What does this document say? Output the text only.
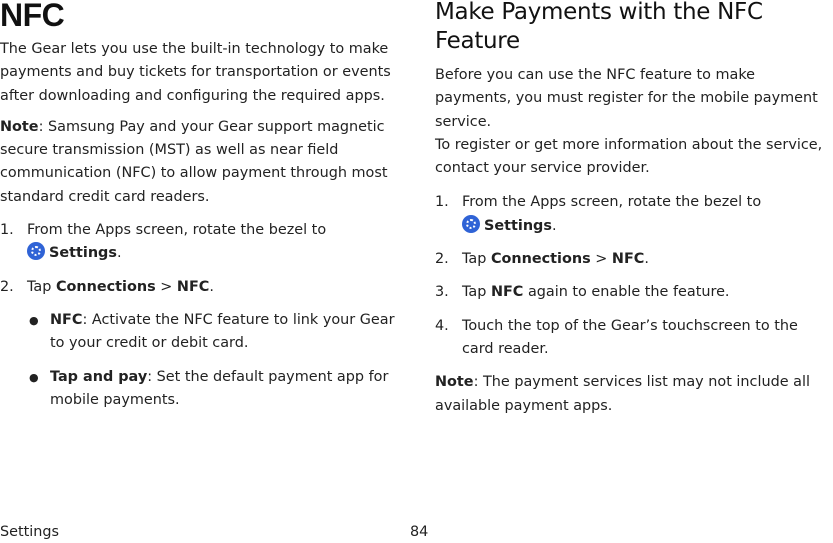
NFC

The Gear lets you use the built-in technology to make payments and buy tickets for transportation or events after downloading and configuring the required apps.

Note: Samsung Pay and your Gear support magnetic secure transmission (MST) as well as near field communication (NFC) to allow payment through most standard credit card readers.

1. From the Apps screen, rotate the bezel to
Settings.
2. Tap Connections > NFC.
● NFC: Activate the NFC feature to link your Gear to your credit or debit card.
● Tap and pay: Set the default payment app for mobile payments.
Make Payments with the NFC Feature

Before you can use the NFC feature to make payments, you must register for the mobile payment service.

To register or get more information about the service, contact your service provider.

1. From the Apps screen, rotate the bezel to
Settings.
2. Tap Connections > NFC.
3. Tap NFC again to enable the feature.
4. Touch the top of the Gear’s touchscreen to the card reader.

Note: The payment services list may not include all available payment apps.

Settings	84
